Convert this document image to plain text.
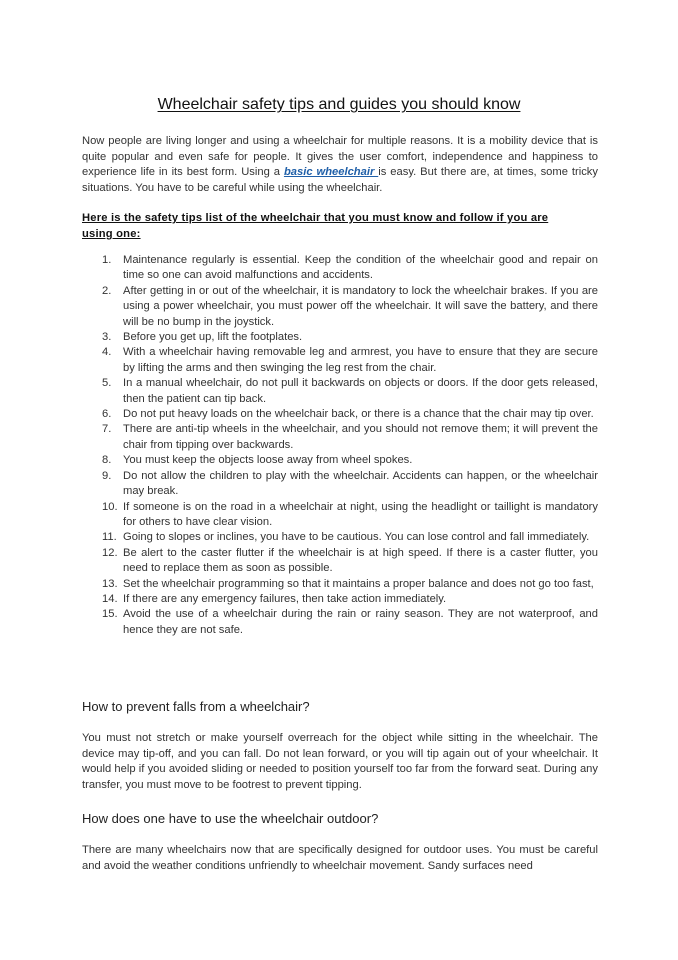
Wheelchair safety tips and guides you should know

Now people are living longer and using a wheelchair for multiple reasons. It is a mobility device that is quite popular and even safe for people. It gives the user comfort, independence and happiness to experience life in its best form. Using a basic wheelchair is easy. But there are, at times, some tricky situations. You have to be careful while using the wheelchair.

Here is the safety tips list of the wheelchair that you must know and follow if you are using one:

1.	Maintenance regularly is essential. Keep the condition of the wheelchair good and repair on time so one can avoid malfunctions and accidents.
2.	After getting in or out of the wheelchair, it is mandatory to lock the wheelchair brakes. If you are using a power wheelchair, you must power off the wheelchair. It will save the battery, and there will be no bump in the joystick.
3.	Before you get up, lift the footplates.
4.	With a wheelchair having removable leg and armrest, you have to ensure that they are secure by lifting the arms and then swinging the leg rest from the chair.
5.	In a manual wheelchair, do not pull it backwards on objects or doors. If the door gets released, then the patient can tip back.
6.	Do not put heavy loads on the wheelchair back, or there is a chance that the chair may tip over.
7.	There are anti-tip wheels in the wheelchair, and you should not remove them; it will prevent the chair from tipping over backwards.
8.	You must keep the objects loose away from wheel spokes.
9.	Do not allow the children to play with the wheelchair. Accidents can happen, or the wheelchair may break.
10. If someone is on the road in a wheelchair at night, using the headlight or taillight is mandatory for others to have clear vision.
11. Going to slopes or inclines, you have to be cautious. You can lose control and fall immediately.
12. Be alert to the caster flutter if the wheelchair is at high speed. If there is a caster flutter, you need to replace them as soon as possible.
13. Set the wheelchair programming so that it maintains a proper balance and does not go too fast,
14. If there are any emergency failures, then take action immediately.
15. Avoid the use of a wheelchair during the rain or rainy season. They are not waterproof, and hence they are not safe.
How to prevent falls from a wheelchair?

You must not stretch or make yourself overreach for the object while sitting in the wheelchair. The device may tip-off, and you can fall. Do not lean forward, or you will tip again out of your wheelchair. It would help if you avoided sliding or needed to position yourself too far from the forward seat. During any transfer, you must move to be footrest to prevent tipping.

How does one have to use the wheelchair outdoor?

There are many wheelchairs now that are specifically designed for outdoor uses. You must be careful and avoid the weather conditions unfriendly to wheelchair movement. Sandy surfaces need
